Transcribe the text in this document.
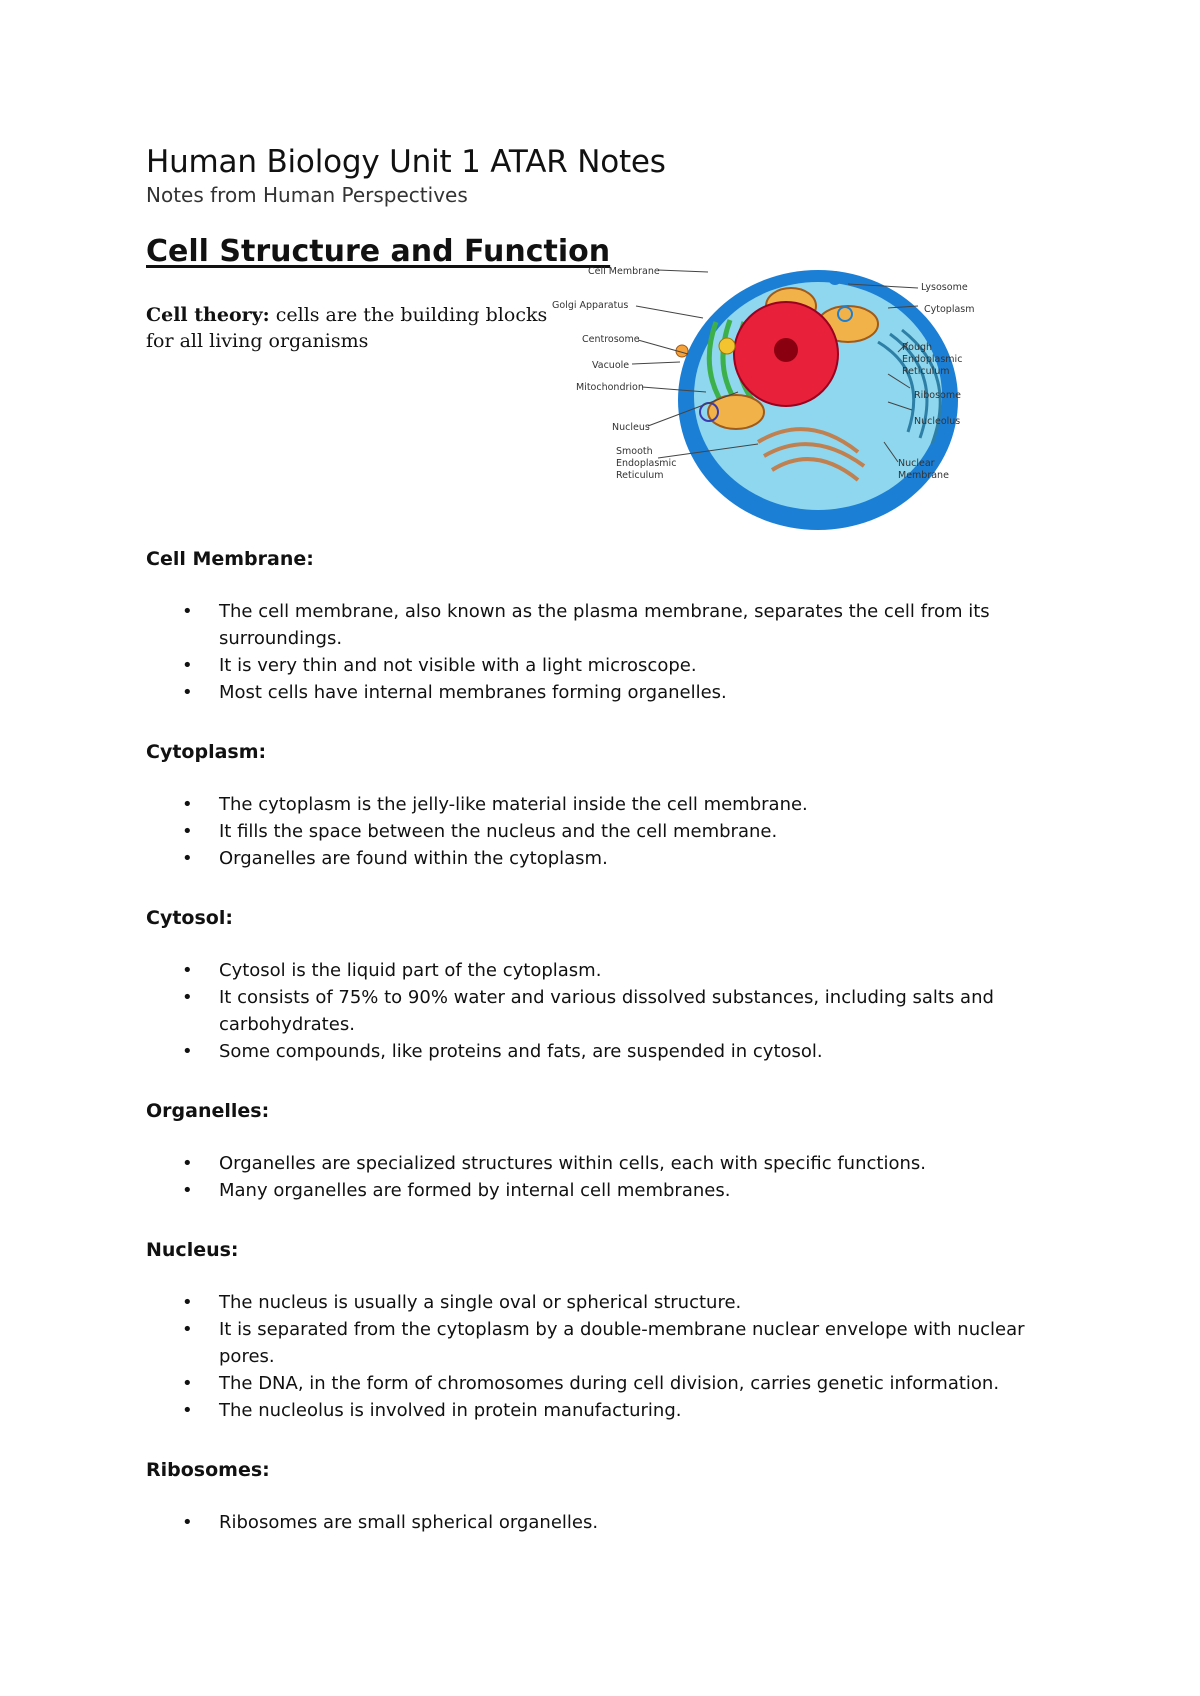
Human Biology Unit 1 ATAR Notes

Notes from Human Perspectives

Cell Structure and Function

Cell theory: cells are the building blocks for all living organisms

Cell Membrane
Golgi Apparatus
Centrosome
Vacuole
Mitochondrion
Nucleus
Smooth
Endoplasmic
Reticulum
Lysosome
Cytoplasm
Rough
Endoplasmic
Reticulum
Ribosome
Nucleolus
Nuclear
Membrane
Cell Membrane:
• The cell membrane, also known as the plasma membrane, separates the cell from its surroundings.
• It is very thin and not visible with a light microscope.
• Most cells have internal membranes forming organelles.
Cytoplasm:
• The cytoplasm is the jelly-like material inside the cell membrane.
• It fills the space between the nucleus and the cell membrane.
• Organelles are found within the cytoplasm.
Cytosol:
• Cytosol is the liquid part of the cytoplasm.
• It consists of 75% to 90% water and various dissolved substances, including salts and carbohydrates.
• Some compounds, like proteins and fats, are suspended in cytosol.
Organelles:
• Organelles are specialized structures within cells, each with specific functions.
• Many organelles are formed by internal cell membranes.
Nucleus:
• The nucleus is usually a single oval or spherical structure.
• It is separated from the cytoplasm by a double-membrane nuclear envelope with nuclear pores.
• The DNA, in the form of chromosomes during cell division, carries genetic information.
• The nucleolus is involved in protein manufacturing.
Ribosomes:
• Ribosomes are small spherical organelles.
